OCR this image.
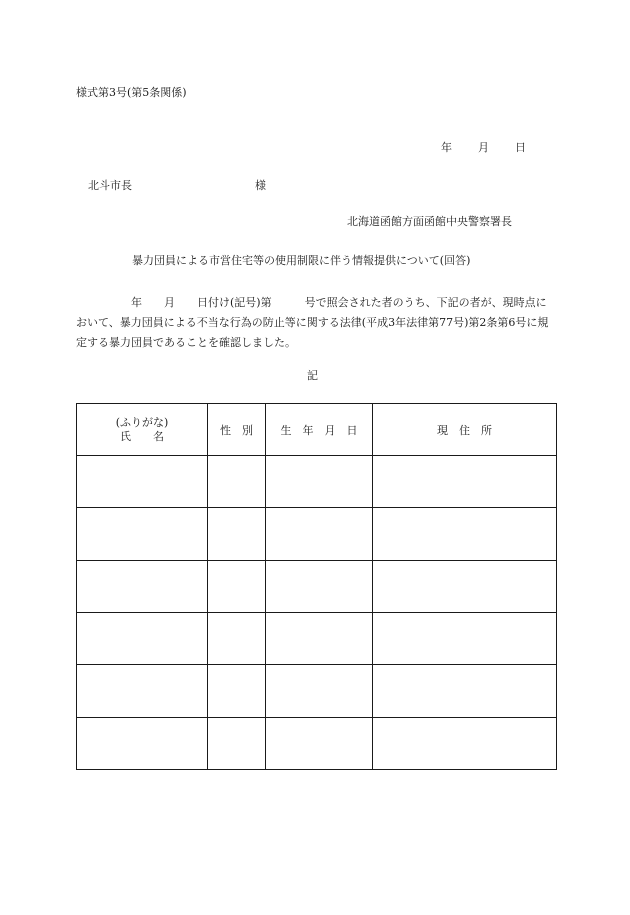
様式第3号(第5条関係)
年 月 日
北斗市長	様
北海道函館方面函館中央警察署長
暴力団員による市営住宅等の使用制限に伴う情報提供について(回答)
　　　　　年　　月　　日付け(記号)第　　　号で照会された者のうち、下記の者が、現時点において、暴力団員による不当な行為の防止等に関する法律(平成3年法律第77号)第2条第6号に規定する暴力団員であることを確認しました。
記
(ふりがな)
氏　　名	性　別	生　年　月　日	現　住　所
